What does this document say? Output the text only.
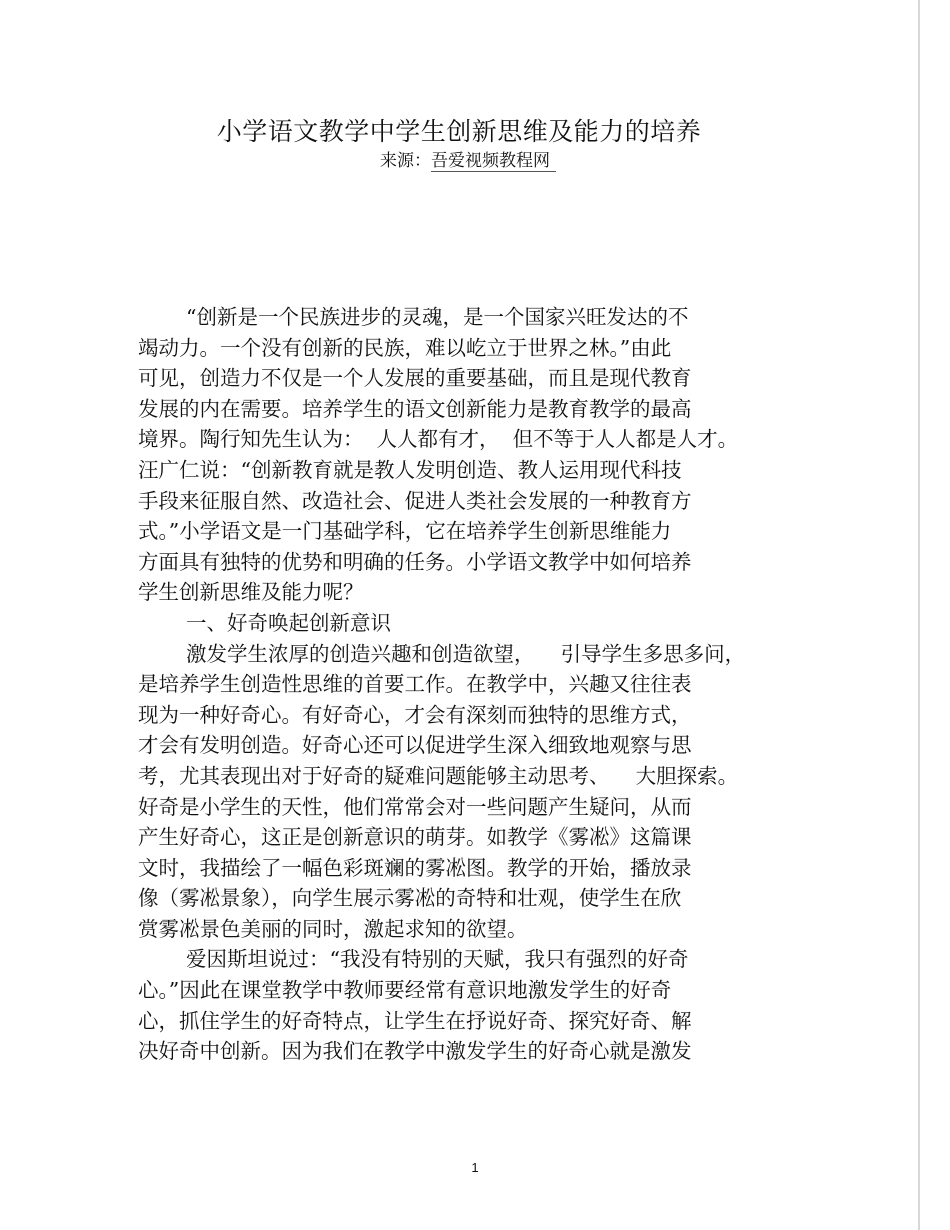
小学语文教学中学生创新思维及能力的培养
来源：吾爱视频教程网
“创新是一个民族进步的灵魂，是一个国家兴旺发达的不
竭动力。一个没有创新的民族，难以屹立于世界之林。”由此
可见，创造力不仅是一个人发展的重要基础，而且是现代教育
发展的内在需要。培养学生的语文创新能力是教育教学的最高
境界。陶行知先生认为：  人人都有才，  但不等于人人都是人才。
汪广仁说：“创新教育就是教人发明创造、教人运用现代科技
手段来征服自然、改造社会、促进人类社会发展的一种教育方
式。”小学语文是一门基础学科，它在培养学生创新思维能力
方面具有独特的优势和明确的任务。小学语文教学中如何培养
学生创新思维及能力呢？
一、好奇唤起创新意识
激发学生浓厚的创造兴趣和创造欲望，    引导学生多思多问，
是培养学生创造性思维的首要工作。在教学中，兴趣又往往表
现为一种好奇心。有好奇心，才会有深刻而独特的思维方式，
才会有发明创造。好奇心还可以促进学生深入细致地观察与思
考，尤其表现出对于好奇的疑难问题能够主动思考、    大胆探索。
好奇是小学生的天性，他们常常会对一些问题产生疑问，从而
产生好奇心，这正是创新意识的萌芽。如教学《雾凇》这篇课
文时，我描绘了一幅色彩斑斓的雾凇图。教学的开始，播放录
像（雾凇景象），向学生展示雾凇的奇特和壮观，使学生在欣
赏雾凇景色美丽的同时，激起求知的欲望。
爱因斯坦说过：“我没有特别的天赋，我只有强烈的好奇
心。”因此在课堂教学中教师要经常有意识地激发学生的好奇
心，抓住学生的好奇特点，让学生在抒说好奇、探究好奇、解
决好奇中创新。因为我们在教学中激发学生的好奇心就是激发
1
